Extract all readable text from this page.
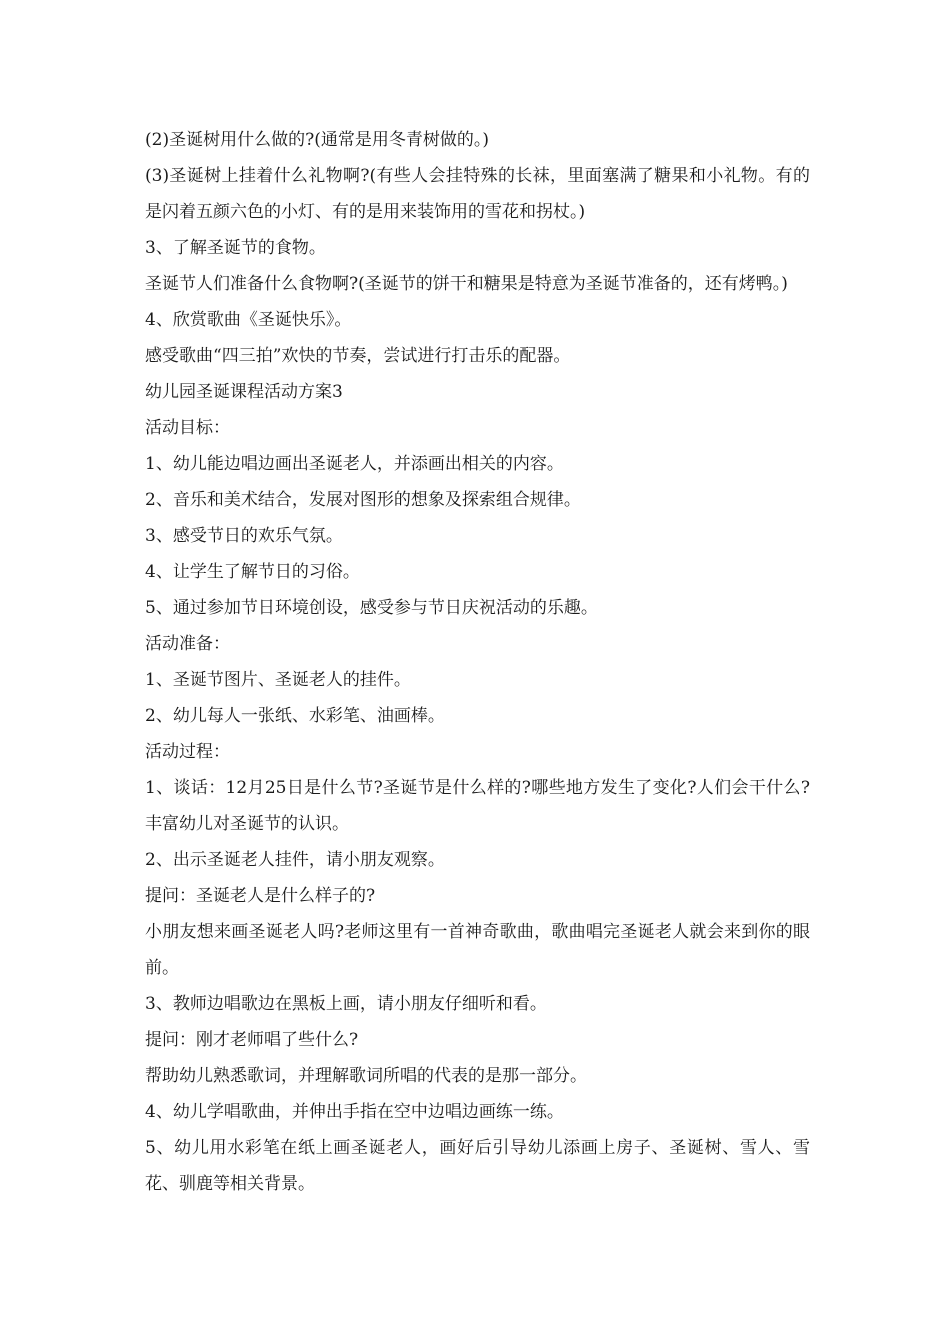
(2)圣诞树用什么做的?(通常是用冬青树做的。)

(3)圣诞树上挂着什么礼物啊?(有些人会挂特殊的长袜，里面塞满了糖果和小礼物。有的是闪着五颜六色的小灯、有的是用来装饰用的雪花和拐杖。)

3、了解圣诞节的食物。

圣诞节人们准备什么食物啊?(圣诞节的饼干和糖果是特意为圣诞节准备的，还有烤鸭。)

4、欣赏歌曲《圣诞快乐》。

感受歌曲“四三拍”欢快的节奏，尝试进行打击乐的配器。

幼儿园圣诞课程活动方案3

活动目标：

1、幼儿能边唱边画出圣诞老人，并添画出相关的内容。

2、音乐和美术结合，发展对图形的想象及探索组合规律。

3、感受节日的欢乐气氛。

4、让学生了解节日的习俗。

5、通过参加节日环境创设，感受参与节日庆祝活动的乐趣。

活动准备：

1、圣诞节图片、圣诞老人的挂件。

2、幼儿每人一张纸、水彩笔、油画棒。

活动过程：

1、谈话：12月25日是什么节?圣诞节是什么样的?哪些地方发生了变化?人们会干什么?丰富幼儿对圣诞节的认识。

2、出示圣诞老人挂件，请小朋友观察。

提问：圣诞老人是什么样子的?

小朋友想来画圣诞老人吗?老师这里有一首神奇歌曲，歌曲唱完圣诞老人就会来到你的眼前。

3、教师边唱歌边在黑板上画，请小朋友仔细听和看。

提问：刚才老师唱了些什么?

帮助幼儿熟悉歌词，并理解歌词所唱的代表的是那一部分。

4、幼儿学唱歌曲，并伸出手指在空中边唱边画练一练。

5、幼儿用水彩笔在纸上画圣诞老人，画好后引导幼儿添画上房子、圣诞树、雪人、雪花、驯鹿等相关背景。
